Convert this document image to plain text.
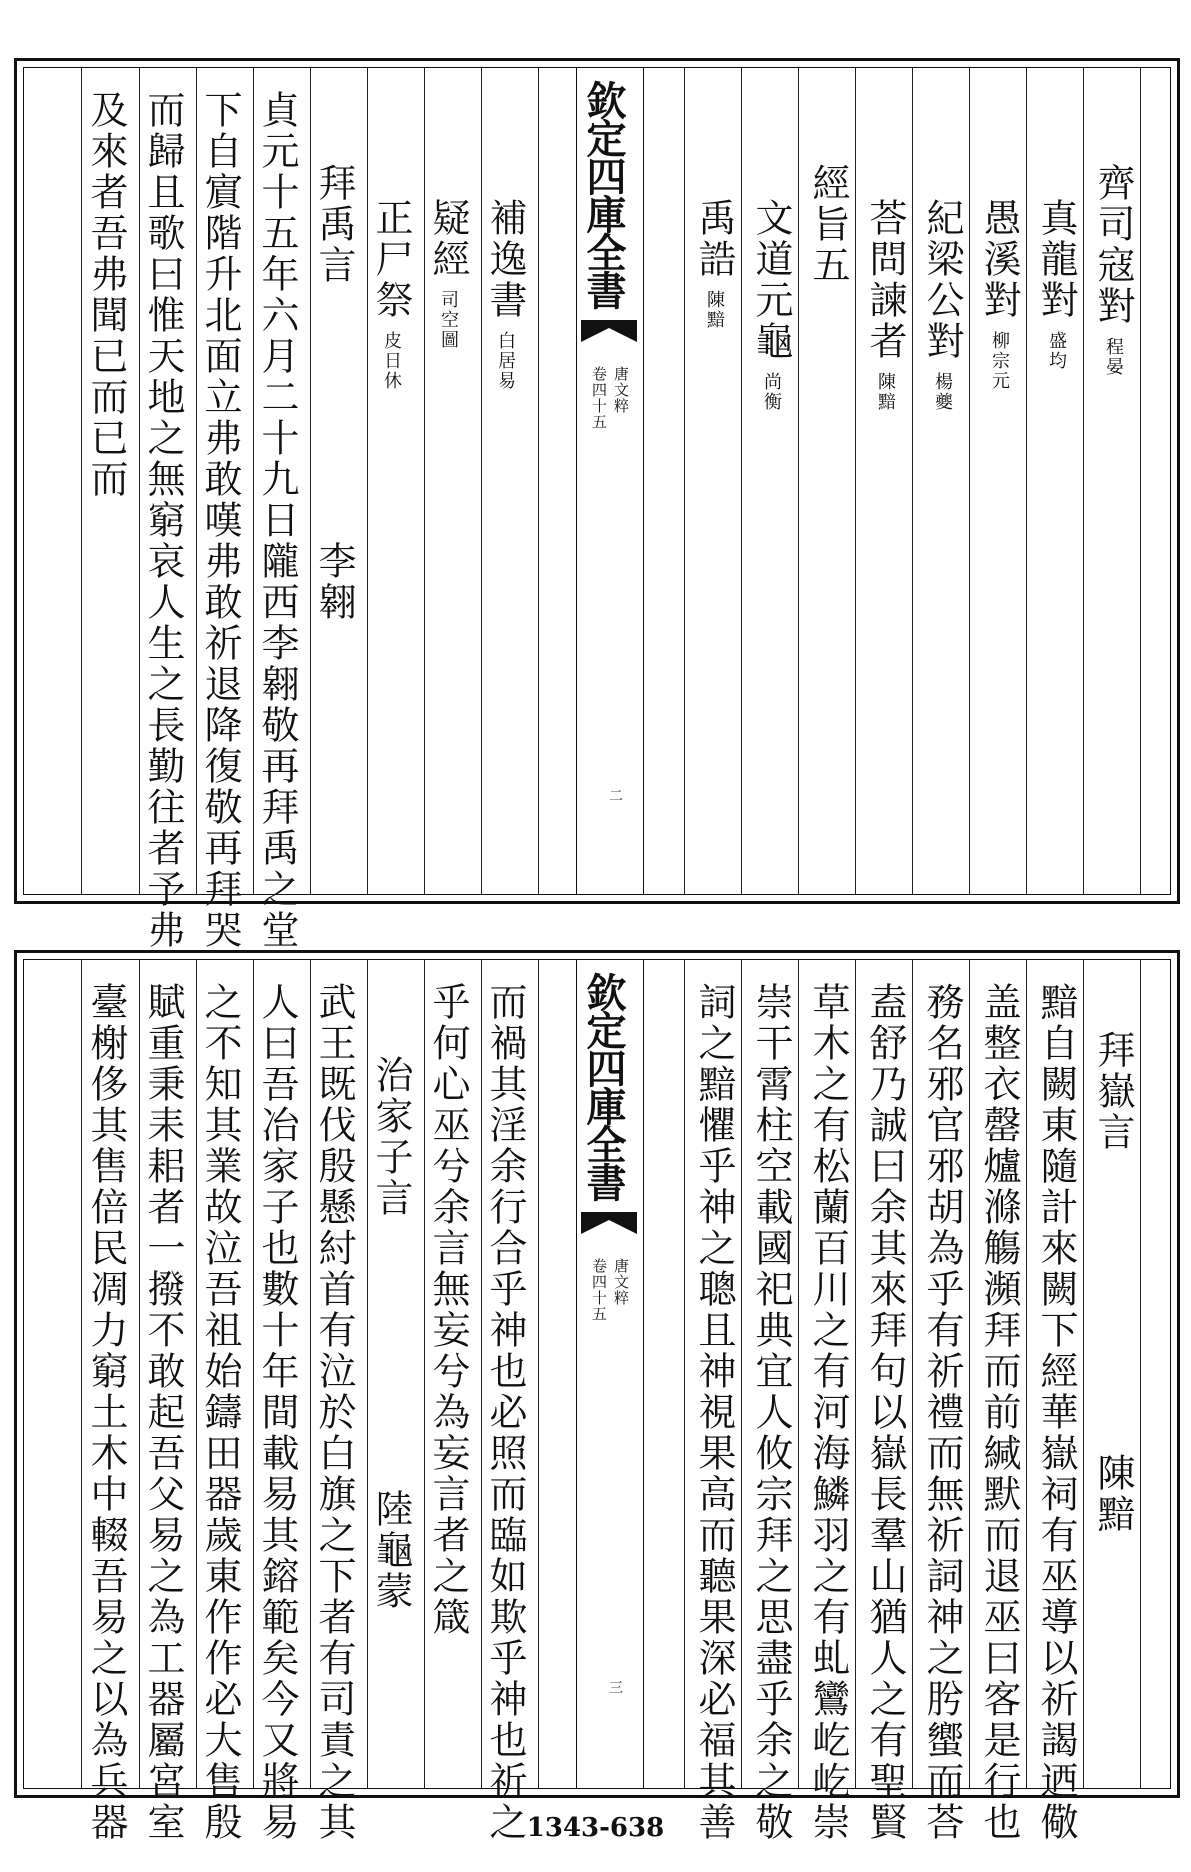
齊司寇對程晏
真龍對盛均
愚溪對柳宗元
紀梁公對楊夔
荅問諫者陳黯
經旨五
文道元龜尚衡
禹誥陳黯
欽定四庫全書
唐文粹
卷四十五
二
補逸書白居易
疑經司空圖
正尸祭皮日休
拜禹言李翱
貞元十五年六月二十九日隴西李翱敬再拜禹之堂
下自賔階升北面立弗敢嘆弗敢祈退降復敬再拜哭
而歸且歌曰惟天地之無窮哀人生之長勤往者予弗
及來者吾弗聞已而已而
拜嶽言陳黯
黯自闕東隨計來闕下經華嶽祠有巫導以祈謁迺儆
盖整衣罄爐滌觴瀕拜而前緘默而退巫曰客是行也
務名邪官邪胡為乎有祈禮而無祈詞神之肹蠁而荅
盍舒乃誠曰余其來拜句以嶽長羣山猶人之有聖賢
草木之有松蘭百川之有河海鱗羽之有虬鸞屹屹崇
崇干霄柱空載國祀典宜人攸宗拜之思盡乎余之敬
詞之黯懼乎神之聰且神視果高而聽果深必福其善
欽定四庫全書
唐文粹
卷四十五
三
而禍其淫余行合乎神也必照而臨如欺乎神也祈之
乎何心巫兮余言無妄兮為妄言者之箴
治家子言陸龜蒙
武王既伐殷懸紂首有泣於白旗之下者有司責之其
人曰吾冶家子也數十年間載易其鎔範矣今又將易
之不知其業故泣吾祖始鑄田器歲東作作必大售殷
賦重秉耒耜者一撥不敢起吾父易之為工器屬宮室
臺榭侈其售倍民凋力窮土木中輟吾易之以為兵器	1343-638
